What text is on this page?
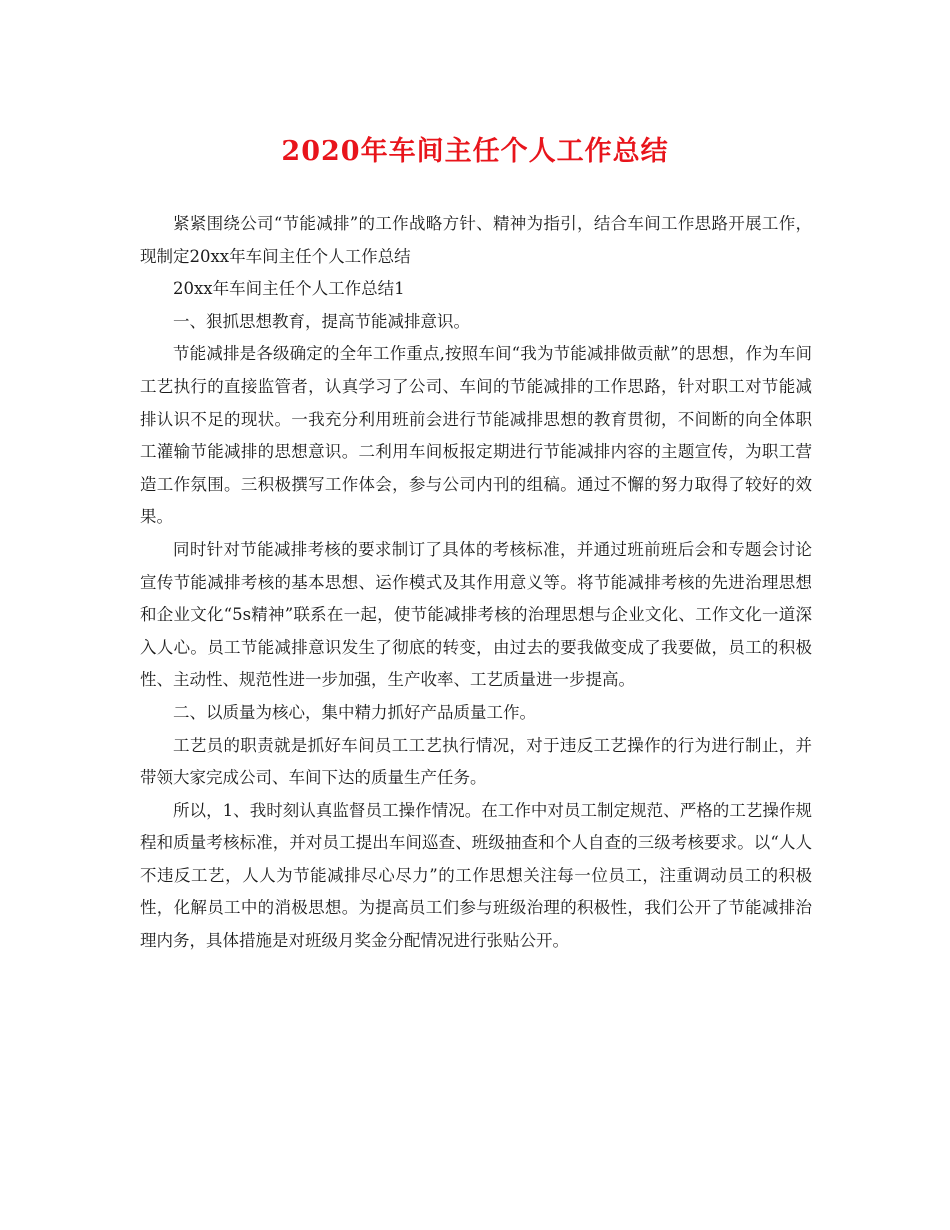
2020年车间主任个人工作总结

紧紧围绕公司“节能减排”的工作战略方针、精神为指引，结合车间工作思路开展工作，现制定20xx年车间主任个人工作总结

20xx年车间主任个人工作总结1

一、狠抓思想教育，提高节能减排意识。

节能减排是各级确定的全年工作重点,按照车间“我为节能减排做贡献”的思想，作为车间工艺执行的直接监管者，认真学习了公司、车间的节能减排的工作思路，针对职工对节能减排认识不足的现状。一我充分利用班前会进行节能减排思想的教育贯彻，不间断的向全体职工灌输节能减排的思想意识。二利用车间板报定期进行节能减排内容的主题宣传，为职工营造工作氛围。三积极撰写工作体会，参与公司内刊的组稿。通过不懈的努力取得了较好的效果。

同时针对节能减排考核的要求制订了具体的考核标准，并通过班前班后会和专题会讨论宣传节能减排考核的基本思想、运作模式及其作用意义等。将节能减排考核的先进治理思想和企业文化“5s精神”联系在一起，使节能减排考核的治理思想与企业文化、工作文化一道深入人心。员工节能减排意识发生了彻底的转变，由过去的要我做变成了我要做，员工的积极性、主动性、规范性进一步加强，生产收率、工艺质量进一步提高。

二、以质量为核心，集中精力抓好产品质量工作。

工艺员的职责就是抓好车间员工工艺执行情况，对于违反工艺操作的行为进行制止，并带领大家完成公司、车间下达的质量生产任务。

所以，1、我时刻认真监督员工操作情况。在工作中对员工制定规范、严格的工艺操作规程和质量考核标准，并对员工提出车间巡查、班级抽查和个人自查的三级考核要求。以“人人不违反工艺，人人为节能减排尽心尽力”的工作思想关注每一位员工，注重调动员工的积极性，化解员工中的消极思想。为提高员工们参与班级治理的积极性，我们公开了节能减排治理内务，具体措施是对班级月奖金分配情况进行张贴公开。
